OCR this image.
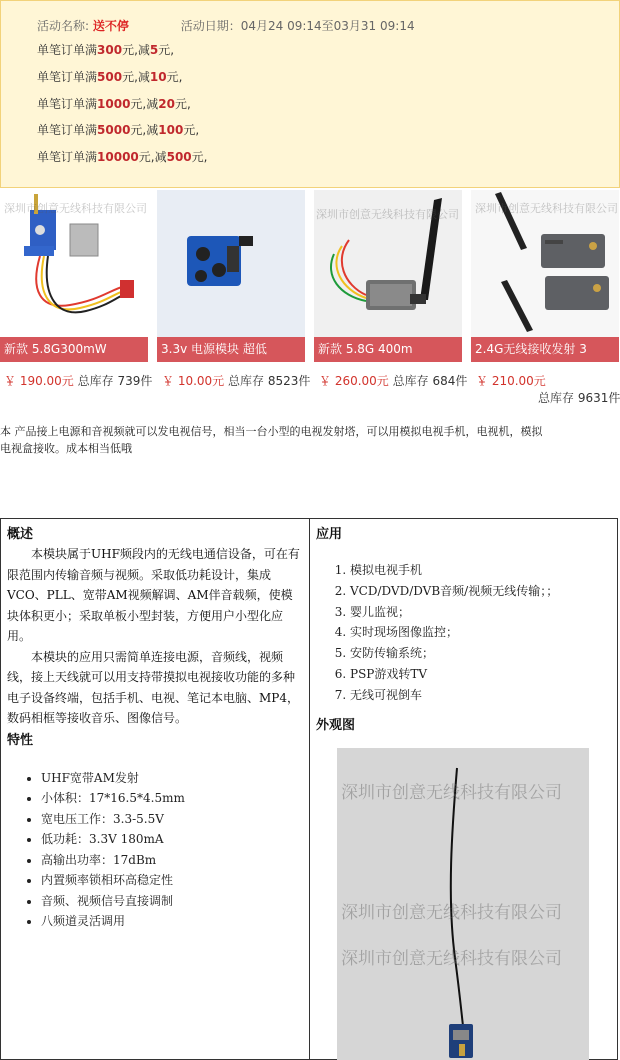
活动名称: 送不停	活动日期：04月24 09:14至03月31 09:14
单笔订单满300元,减5元,
单笔订单满500元,减10元,
单笔订单满1000元,减20元,
单笔订单满5000元,减100元,
单笔订单满10000元,减500元,
深圳市创意无线科技有限公司
新款 5.8G300mW	3.3v 电源模块 超低
深圳市创意无线科技有限公司
新款 5.8G 400m
深圳市创意无线科技有限公司
2.4G无线接收发射 3
￥ 190.00元 总库存 739件 ￥ 10.00元 总库存 8523件 ￥ 260.00元 总库存 684件 ￥ 210.00元
总库存 9631件
本 产品接上电源和音视频就可以发电视信号，相当一台小型的电视发射塔，可以用模拟电视手机，电视机，模拟
电视盒接收。成本相当低哦
概述

本模块属于UHF频段内的无线电通信设备，可在有限范围内传输音频与视频。采取低功耗设计，集成VCO、PLL、宽带AM视频解调、AM伴音载频，使模块体积更小；采取单板小型封装，方便用户小型化应用。

本模块的应用只需简单连接电源，音频线，视频线，接上天线就可以用支持带摸拟电视接收功能的多种电子设备终端，包括手机、电视、笔记本电脑、MP4，数码相框等接收音乐、图像信号。

特性
• UHF宽带AM发射
• 小体积：17*16.5*4.5mm
• 宽电压工作：3.3-5.5V
• 低功耗：3.3V 180mA
• 高输出功率：17dBm
• 内置频率锁相环高稳定性
• 音频、视频信号直接调制
• 八频道灵活调用
应用
1. 模拟电视手机
2. VCD/DVD/DVB音频/视频无线传输；；
3. 婴儿监视；
4. 实时现场图像监控；
5. 安防传输系统；
6. PSP游戏转TV
7. 无线可视倒车
外观图
深圳市创意无线科技有限公司
深圳市创意无线科技有限公司
深圳市创意无线科技有限公司
